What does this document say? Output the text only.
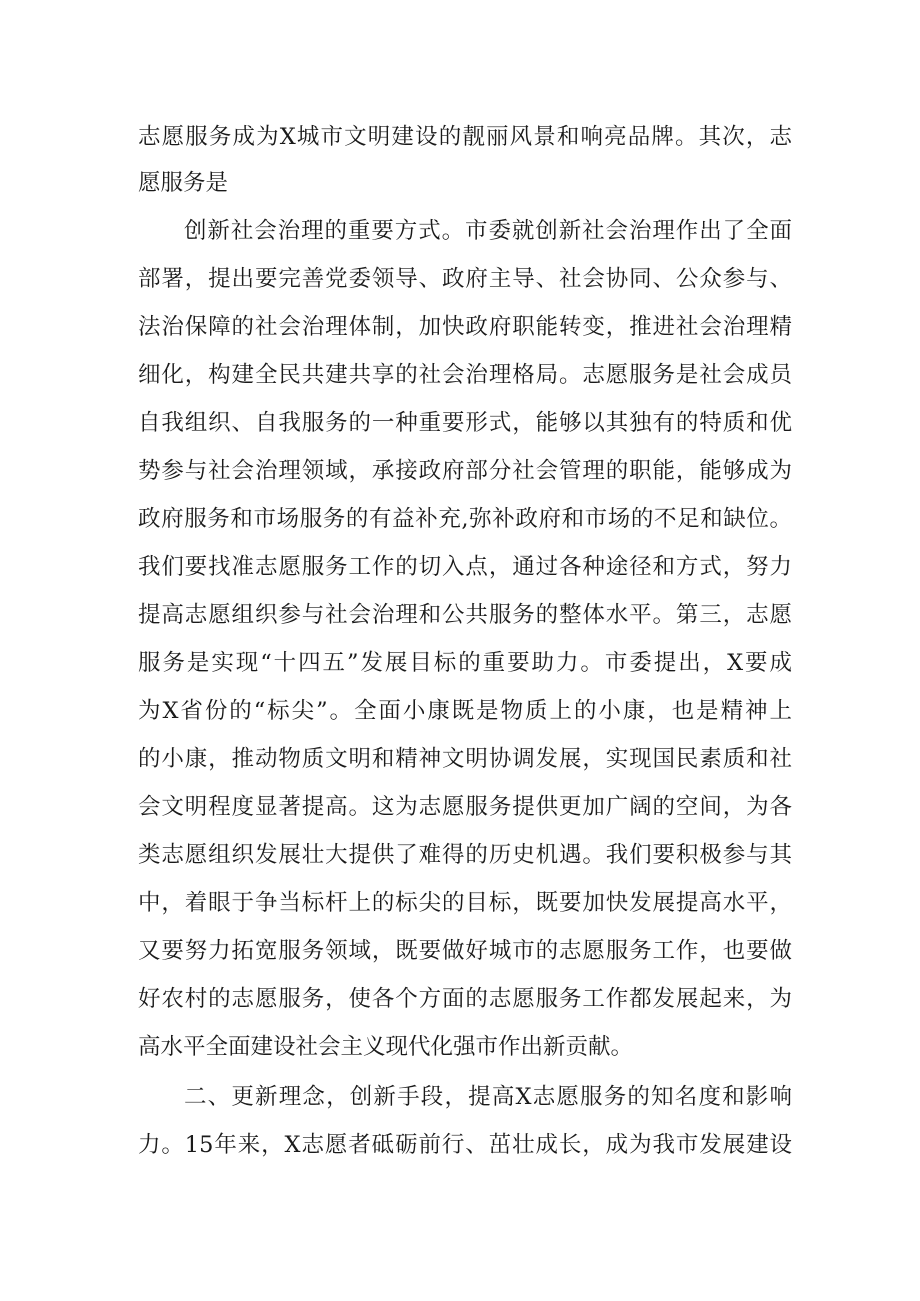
志愿服务成为X城市文明建设的靓丽风景和响亮品牌。其次，志
愿服务是
创新社会治理的重要方式。市委就创新社会治理作出了全面
部署，提出要完善党委领导、政府主导、社会协同、公众参与、
法治保障的社会治理体制，加快政府职能转变，推进社会治理精
细化，构建全民共建共享的社会治理格局。志愿服务是社会成员
自我组织、自我服务的一种重要形式，能够以其独有的特质和优
势参与社会治理领域，承接政府部分社会管理的职能，能够成为
政府服务和市场服务的有益补充,弥补政府和市场的不足和缺位。
我们要找准志愿服务工作的切入点，通过各种途径和方式，努力
提高志愿组织参与社会治理和公共服务的整体水平。第三，志愿
服务是实现“十四五”发展目标的重要助力。市委提出，X要成
为X省份的“标尖”。全面小康既是物质上的小康，也是精神上
的小康，推动物质文明和精神文明协调发展，实现国民素质和社
会文明程度显著提高。这为志愿服务提供更加广阔的空间，为各
类志愿组织发展壮大提供了难得的历史机遇。我们要积极参与其
中，着眼于争当标杆上的标尖的目标，既要加快发展提高水平，
又要努力拓宽服务领域，既要做好城市的志愿服务工作，也要做
好农村的志愿服务，使各个方面的志愿服务工作都发展起来，为
高水平全面建设社会主义现代化强市作出新贡献。
二、更新理念，创新手段，提高X志愿服务的知名度和影响
力。15年来，X志愿者砥砺前行、茁壮成长，成为我市发展建设
